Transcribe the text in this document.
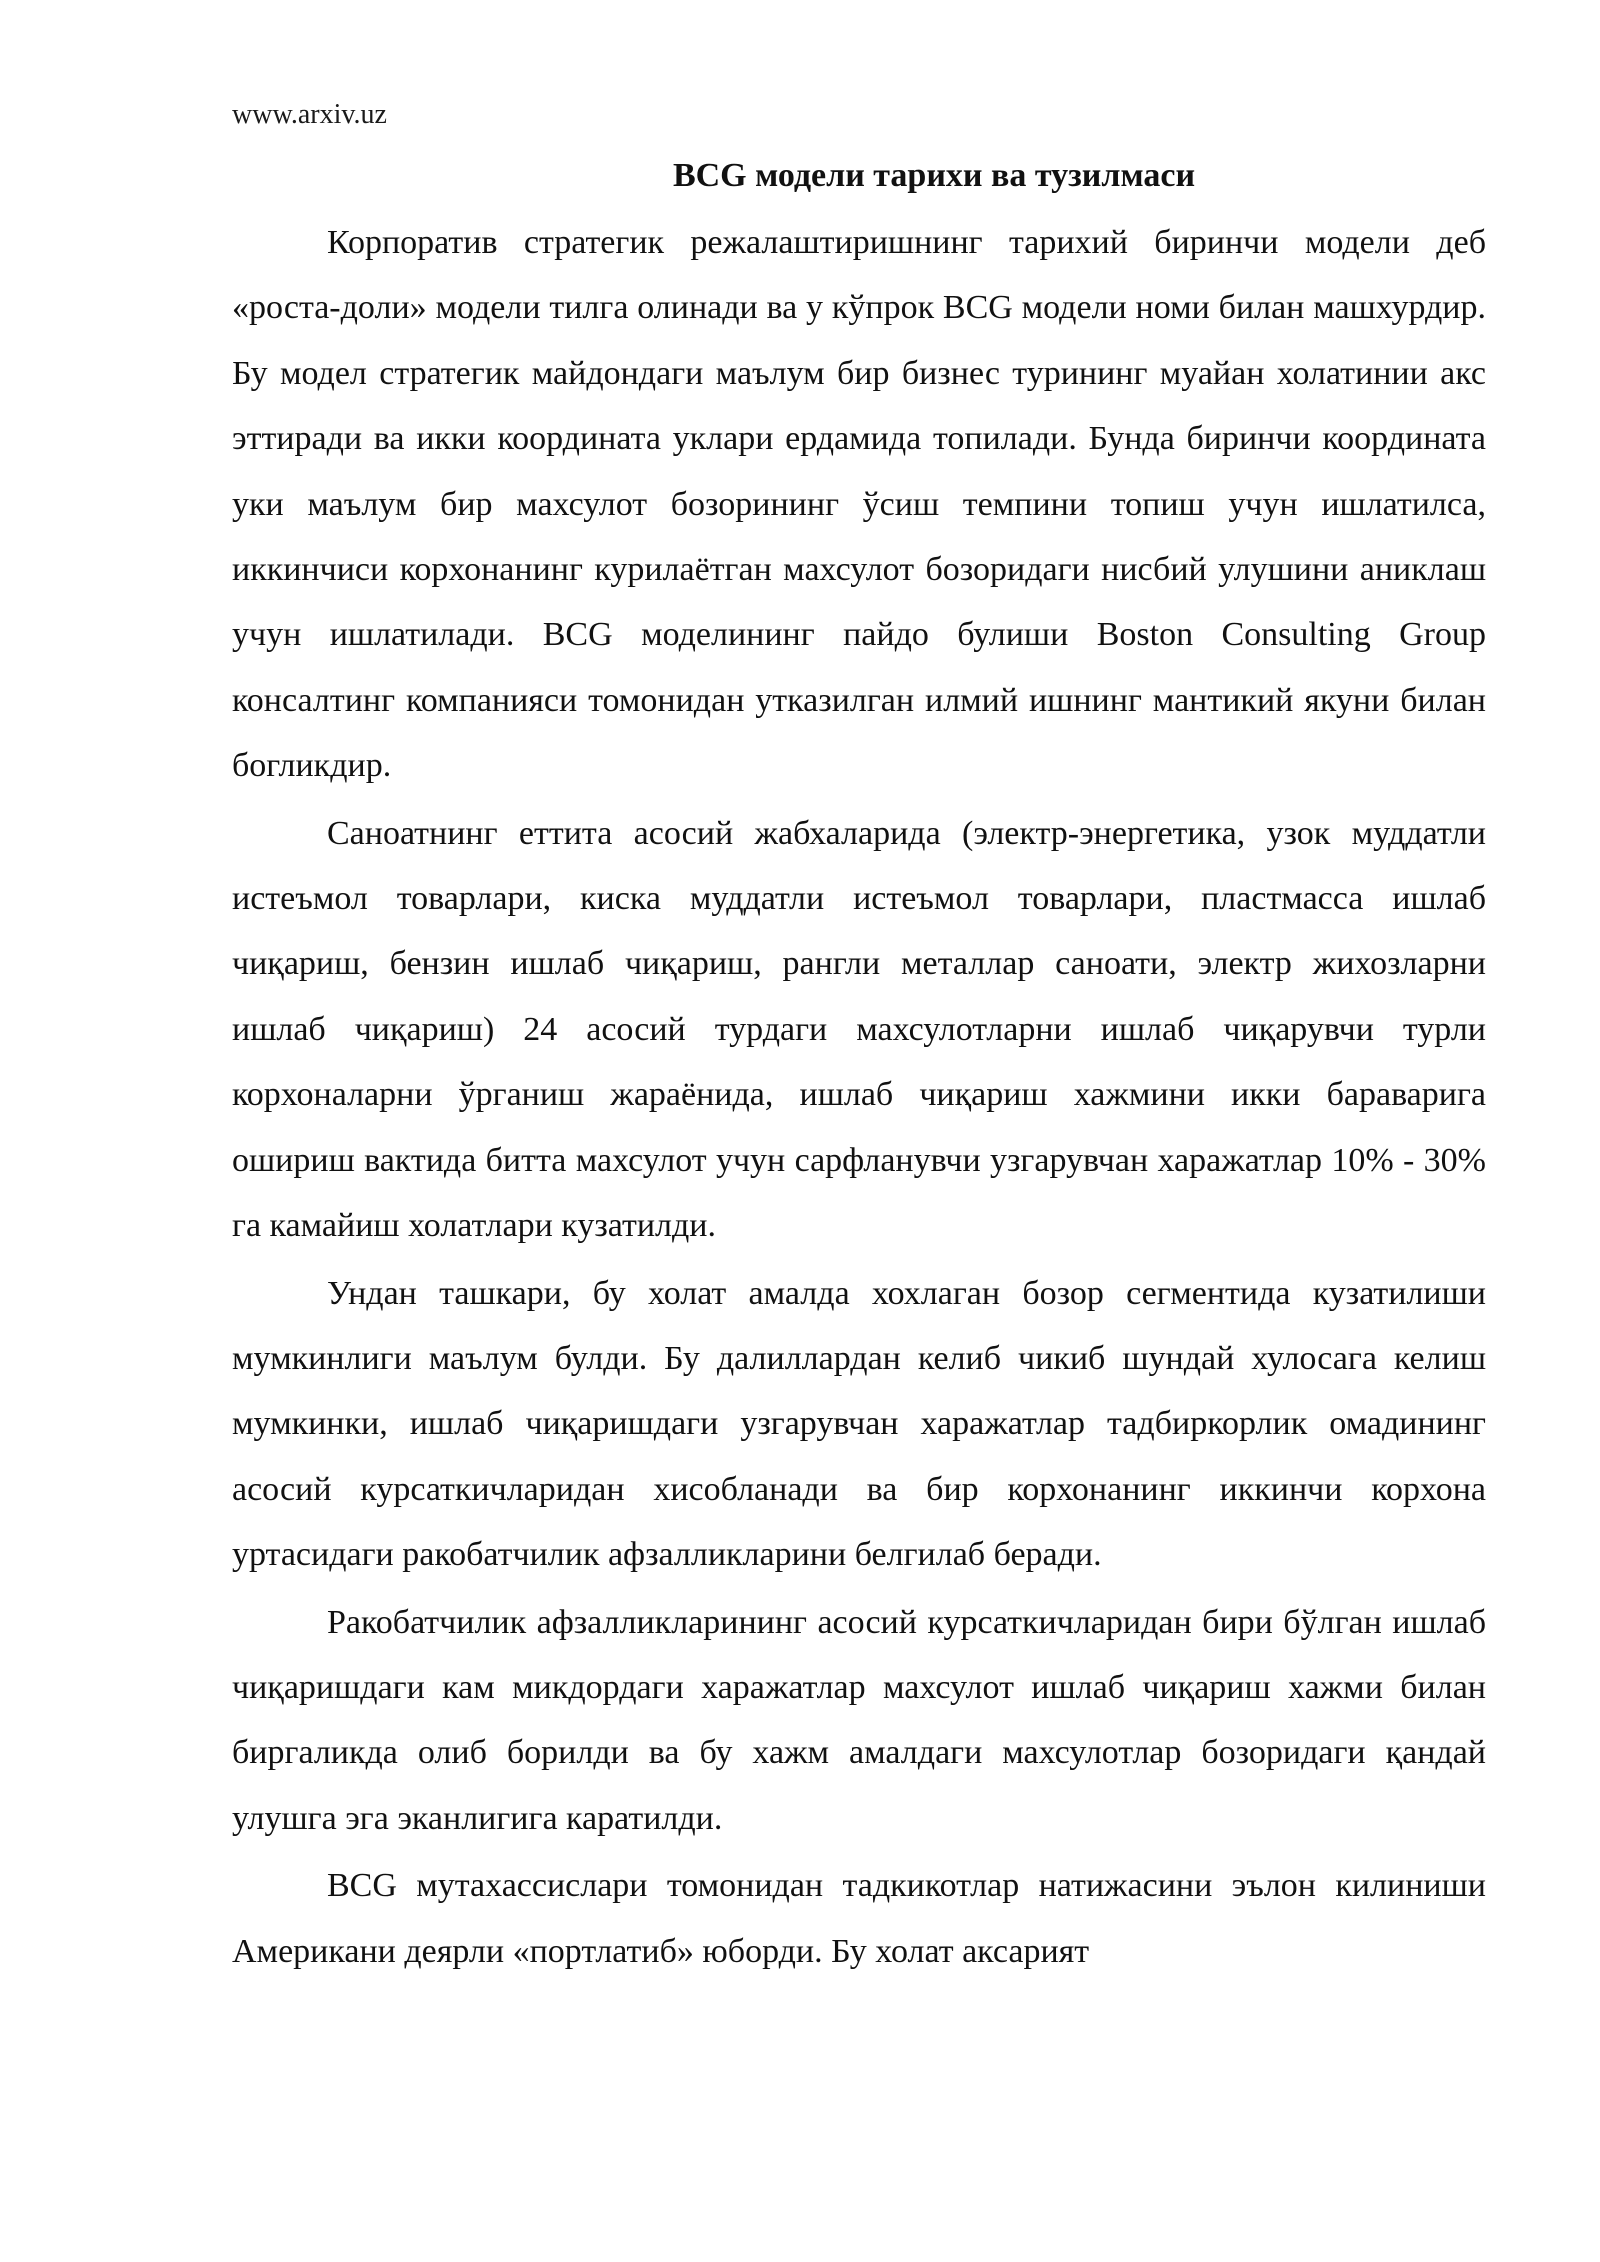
www.arxiv.uz
BCG модели тарихи ва тузилмаси

Корпоратив стратегик режалаштиришнинг тарихий биринчи модели деб «роста-доли» модели тилга олинади ва у кўпрок BCG модели номи билан машхурдир. Бу модел стратегик майдондаги маълум бир бизнес турининг муайан холатинии акс эттиради ва икки координата уклари ердамида топилади. Бунда биринчи координата уки маълум бир махсулот бозорининг ўсиш темпини топиш учун ишлатилса, иккинчиси корхонанинг курилаётган махсулот бозоридаги нисбий улушини аниклаш учун ишлатилади. BCG моделининг пайдо булиши Boston Consulting Group консалтинг компанияси томонидан утказилган илмий ишнинг мантикий якуни билан богликдир.

Саноатнинг еттита асосий жабхаларида (электр-энергетика, узок муддатли истеъмол товарлари, киска муддатли истеъмол товарлари, пластмасса ишлаб чиқариш, бензин ишлаб чиқариш, рангли металлар саноати, электр жихозларни ишлаб чиқариш) 24 асосий турдаги махсулотларни ишлаб чиқарувчи турли корхоналарни ўрганиш жараёнида, ишлаб чиқариш хажмини икки бараваригa ошириш вактида битта махсулот учун сарфланувчи узгарувчан харажатлар 10% - 30% га камайиш холатлари кузатилди.

Ундан ташкари, бу холат амалда хохлаган бозор сегментида кузатилиши мумкинлиги маълум булди. Бу далиллардан келиб чикиб шундай хулосага келиш мумкинки, ишлаб чиқаришдаги узгарувчан харажатлар тадбиркорлик омадининг асосий курсаткичларидан хисобланади ва бир корхонанинг иккинчи корхона уртасидаги ракобатчилик афзалликларини белгилаб беради.

Ракобатчилик афзалликларининг асосий курсаткичларидан бири бўлган ишлаб чиқаришдаги кам микдордаги харажатлар махсулот ишлаб чиқариш хажми билан биргаликда олиб борилди ва бу хажм амалдаги махсулотлар бозоридаги қандай улушга эга эканлигига каратилди.

BCG мутахассислари томонидан тадкикотлар натижасини эълон килиниши Американи деярли «портлатиб» юборди. Бу холат аксарият
